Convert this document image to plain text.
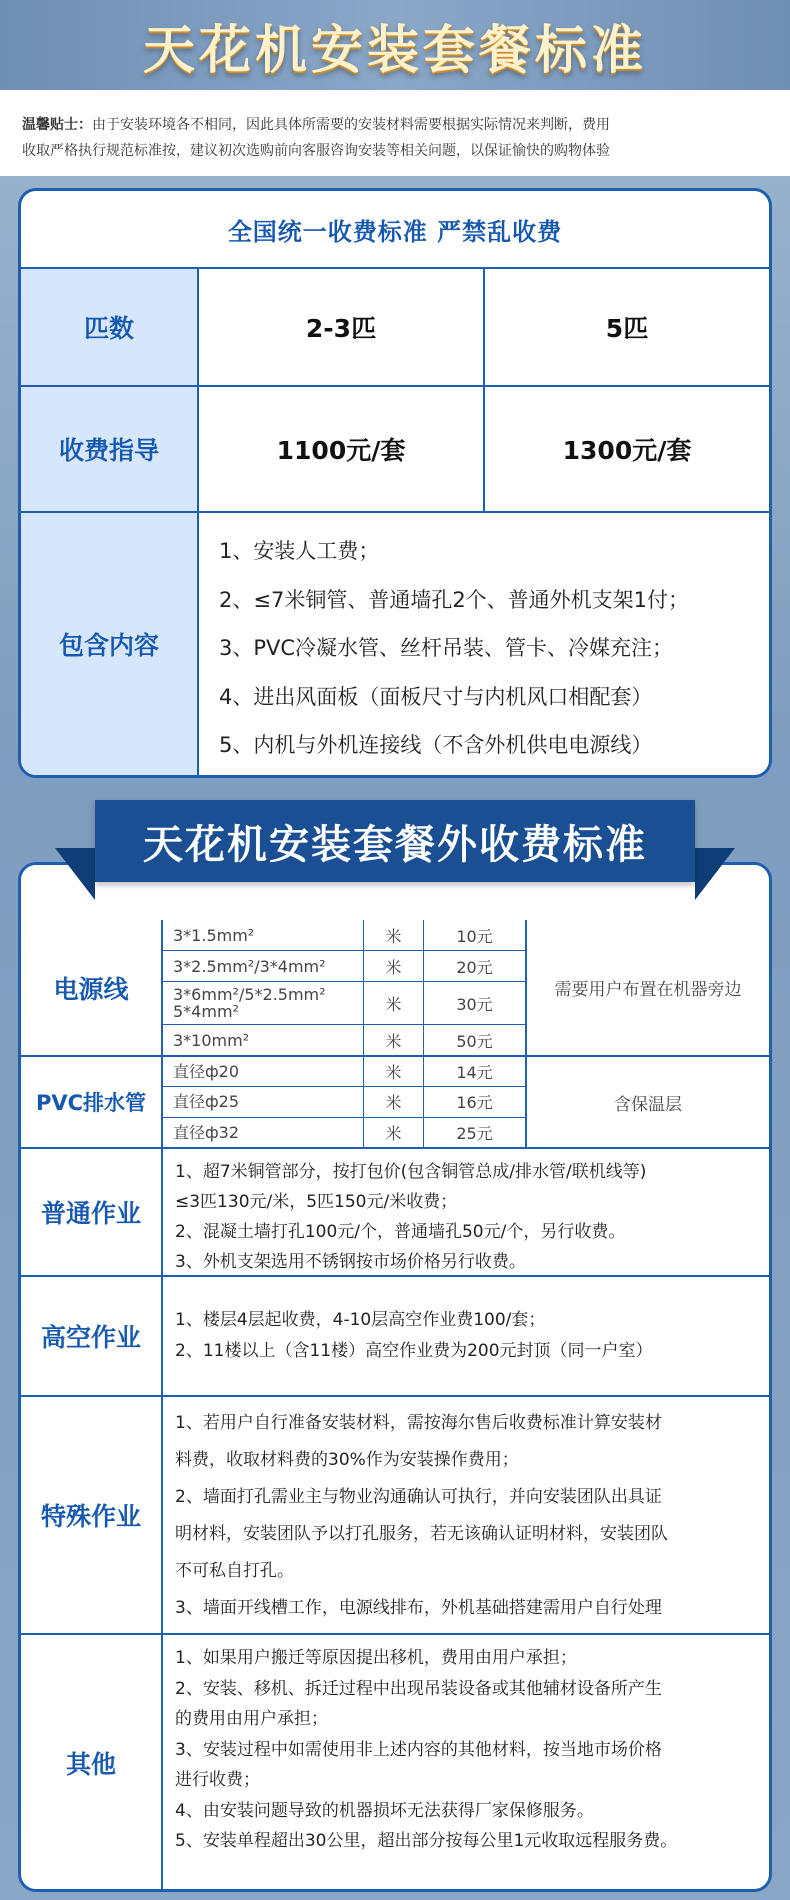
天花机安装套餐标准
温馨贴士：由于安装环境各不相同，因此具体所需要的安装材料需要根据实际情况来判断，费用
收取严格执行规范标准按，建议初次选购前向客服咨询安装等相关问题，以保证愉快的购物体验
全国统一收费标准 严禁乱收费
匹数	2-3匹	5匹
收费指导	1100元/套	1300元/套
包含内容
1、安装人工费；
2、≤7米铜管、普通墙孔2个、普通外机支架1付；
3、PVC冷凝水管、丝杆吊装、管卡、冷媒充注；
4、进出风面板（面板尺寸与内机风口相配套）
5、内机与外机连接线（不含外机供电电源线）
天花机安装套餐外收费标准
电源线
3*1.5mm²	米	10元
3*2.5mm²/3*4mm²	米	20元
3*6mm²/5*2.5mm² 5*4mm²	米	30元
3*10mm²	米	50元
需要用户布置在机器旁边
PVC排水管
直径ф20	米	14元
直径ф25	米	16元
直径ф32	米	25元
含保温层
普通作业
1、超7米铜管部分，按打包价(包含铜管总成/排水管/联机线等)
≤3匹130元/米，5匹150元/米收费；
2、混凝土墙打孔100元/个，普通墙孔50元/个，另行收费。
3、外机支架选用不锈钢按市场价格另行收费。
高空作业
1、楼层4层起收费，4-10层高空作业费100/套；
2、11楼以上（含11楼）高空作业费为200元封顶（同一户室）
特殊作业
1、若用户自行准备安装材料，需按海尔售后收费标准计算安装材
料费，收取材料费的30%作为安装操作费用；
2、墙面打孔需业主与物业沟通确认可执行，并向安装团队出具证
明材料，安装团队予以打孔服务，若无该确认证明材料，安装团队
不可私自打孔。
3、墙面开线槽工作，电源线排布，外机基础搭建需用户自行处理
其他
1、如果用户搬迁等原因提出移机，费用由用户承担；
2、安装、移机、拆迁过程中出现吊装设备或其他辅材设备所产生
的费用由用户承担；
3、安装过程中如需使用非上述内容的其他材料，按当地市场价格
进行收费；
4、由安装问题导致的机器损坏无法获得厂家保修服务。
5、安装单程超出30公里，超出部分按每公里1元收取远程服务费。
